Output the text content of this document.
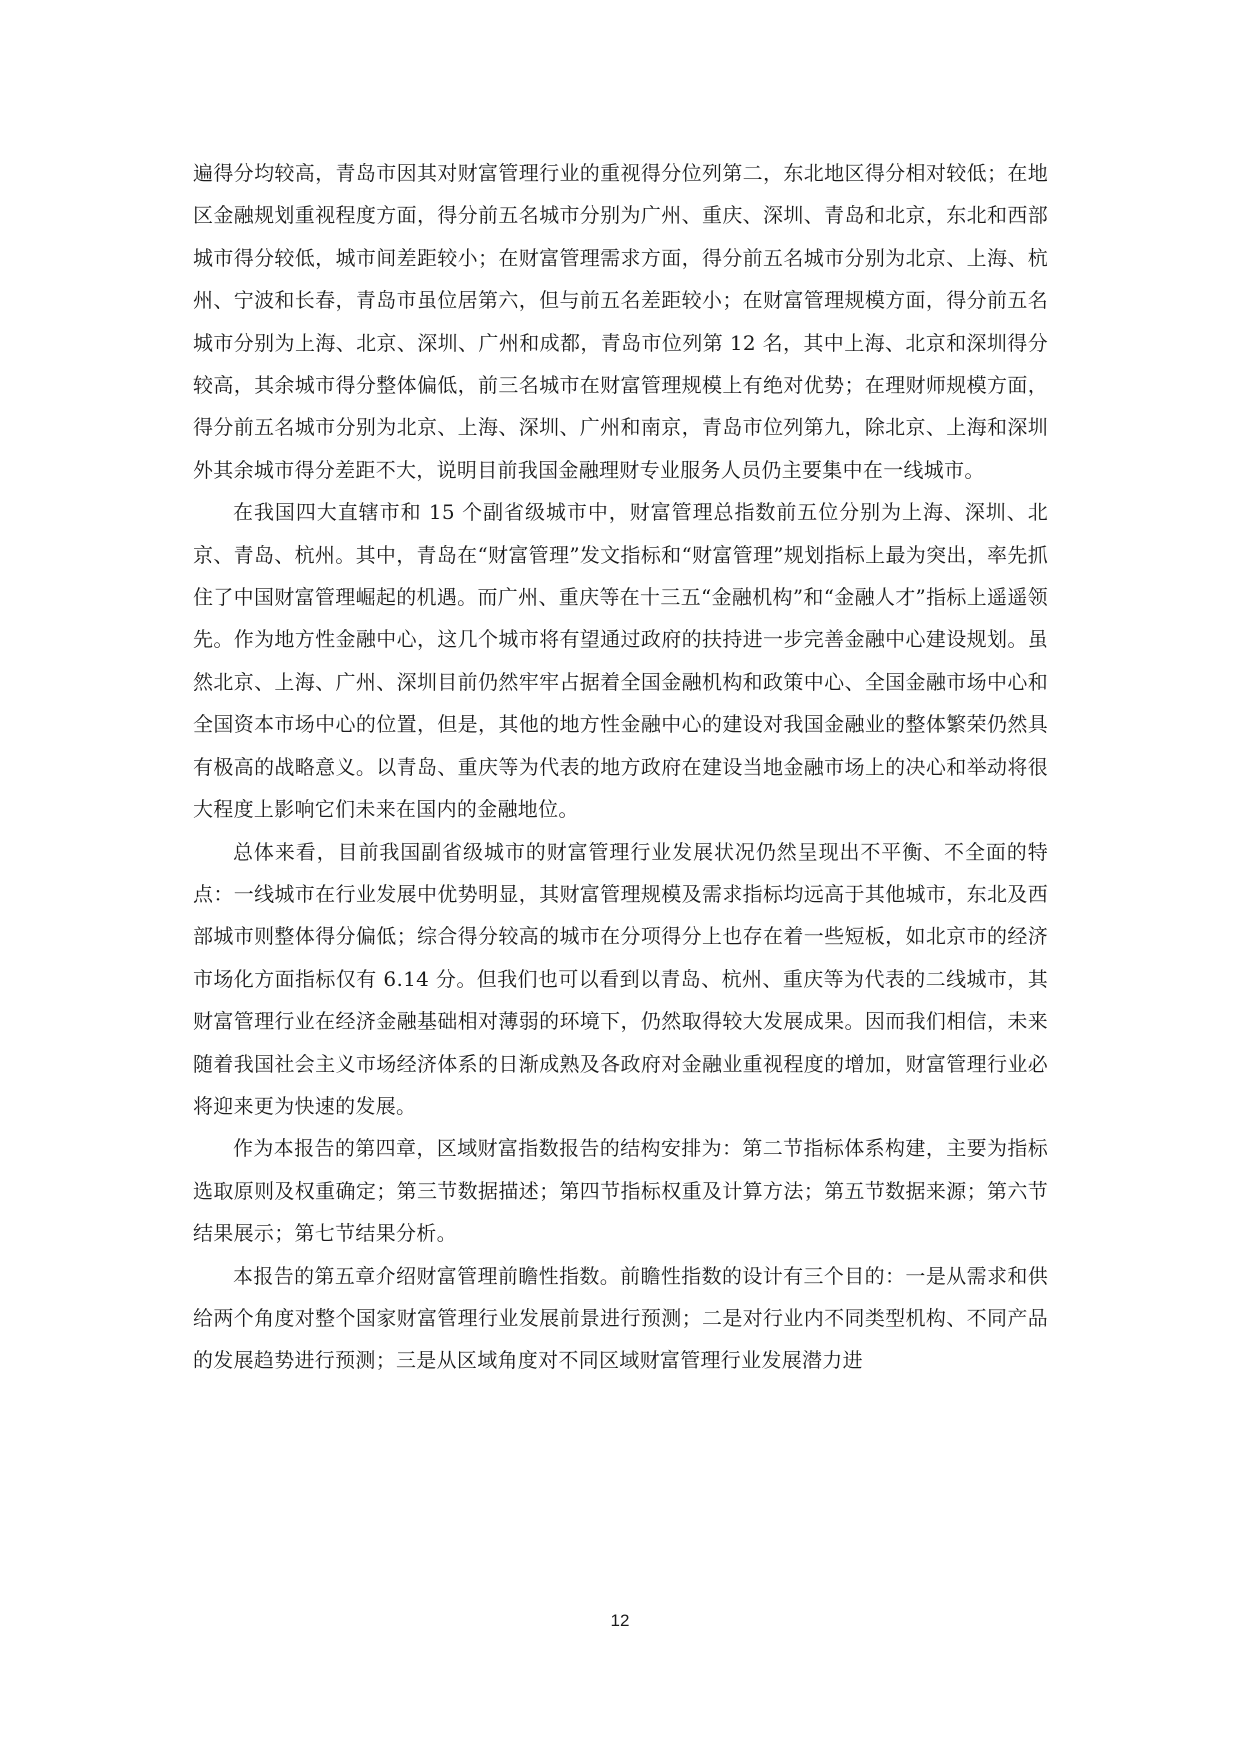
遍得分均较高，青岛市因其对财富管理行业的重视得分位列第二，东北地区得分相对较低；在地区金融规划重视程度方面，得分前五名城市分别为广州、重庆、深圳、青岛和北京，东北和西部城市得分较低，城市间差距较小；在财富管理需求方面，得分前五名城市分别为北京、上海、杭州、宁波和长春，青岛市虽位居第六，但与前五名差距较小；在财富管理规模方面，得分前五名城市分别为上海、北京、深圳、广州和成都，青岛市位列第 12 名，其中上海、北京和深圳得分较高，其余城市得分整体偏低，前三名城市在财富管理规模上有绝对优势；在理财师规模方面，得分前五名城市分别为北京、上海、深圳、广州和南京，青岛市位列第九，除北京、上海和深圳外其余城市得分差距不大，说明目前我国金融理财专业服务人员仍主要集中在一线城市。

在我国四大直辖市和 15 个副省级城市中，财富管理总指数前五位分别为上海、深圳、北京、青岛、杭州。其中，青岛在“财富管理”发文指标和“财富管理”规划指标上最为突出，率先抓住了中国财富管理崛起的机遇。而广州、重庆等在十三五“金融机构”和“金融人才”指标上遥遥领先。作为地方性金融中心，这几个城市将有望通过政府的扶持进一步完善金融中心建设规划。虽然北京、上海、广州、深圳目前仍然牢牢占据着全国金融机构和政策中心、全国金融市场中心和全国资本市场中心的位置，但是，其他的地方性金融中心的建设对我国金融业的整体繁荣仍然具有极高的战略意义。以青岛、重庆等为代表的地方政府在建设当地金融市场上的决心和举动将很大程度上影响它们未来在国内的金融地位。

总体来看，目前我国副省级城市的财富管理行业发展状况仍然呈现出不平衡、不全面的特点：一线城市在行业发展中优势明显，其财富管理规模及需求指标均远高于其他城市，东北及西部城市则整体得分偏低；综合得分较高的城市在分项得分上也存在着一些短板，如北京市的经济市场化方面指标仅有 6.14 分。但我们也可以看到以青岛、杭州、重庆等为代表的二线城市，其财富管理行业在经济金融基础相对薄弱的环境下，仍然取得较大发展成果。因而我们相信，未来随着我国社会主义市场经济体系的日渐成熟及各政府对金融业重视程度的增加，财富管理行业必将迎来更为快速的发展。

作为本报告的第四章，区域财富指数报告的结构安排为：第二节指标体系构建，主要为指标选取原则及权重确定；第三节数据描述；第四节指标权重及计算方法；第五节数据来源；第六节结果展示；第七节结果分析。

本报告的第五章介绍财富管理前瞻性指数。前瞻性指数的设计有三个目的：一是从需求和供给两个角度对整个国家财富管理行业发展前景进行预测；二是对行业内不同类型机构、不同产品的发展趋势进行预测；三是从区域角度对不同区域财富管理行业发展潜力进

12
